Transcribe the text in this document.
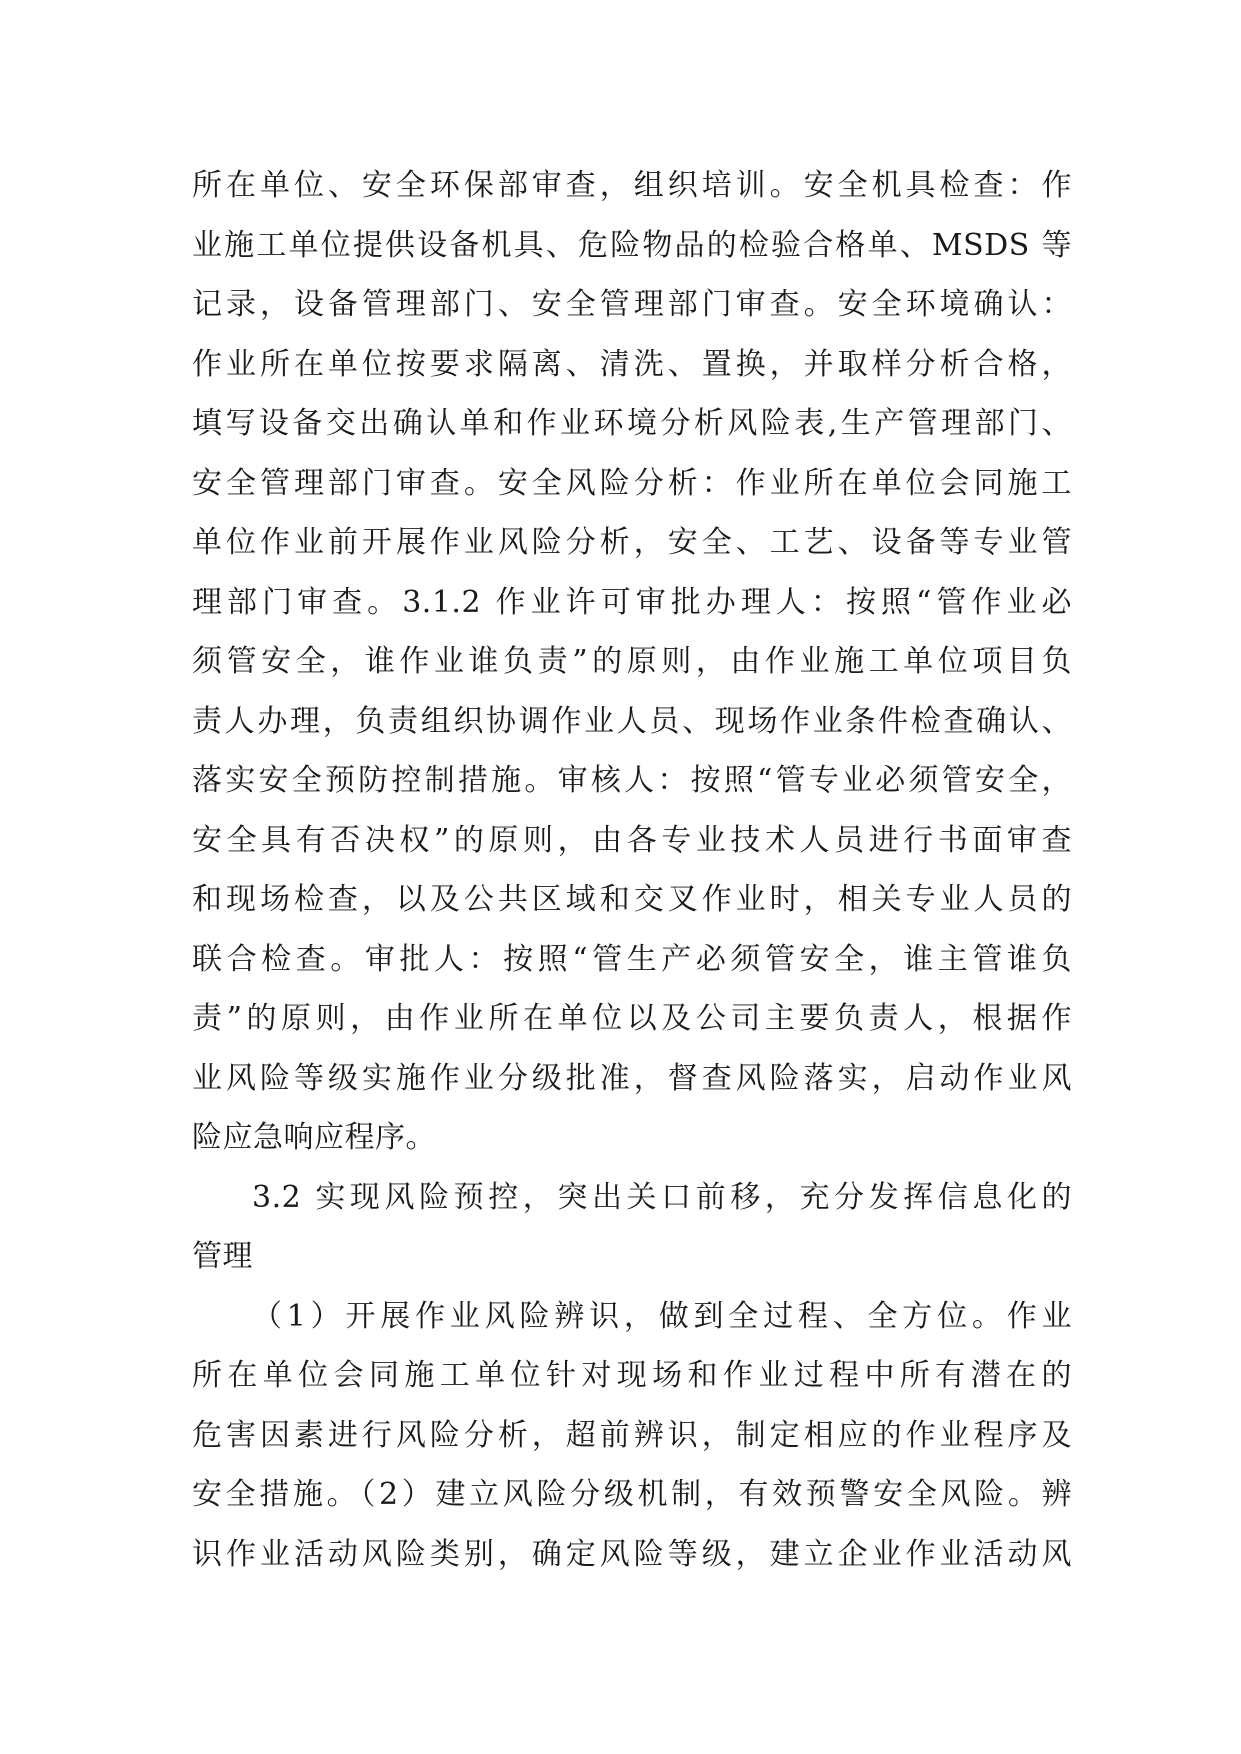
所在单位、安全环保部审查，组织培训。安全机具检查：作
业施工单位提供设备机具、危险物品的检验合格单、MSDS 等
记录，设备管理部门、安全管理部门审查。安全环境确认：
作业所在单位按要求隔离、清洗、置换，并取样分析合格，
填写设备交出确认单和作业环境分析风险表,生产管理部门、
安全管理部门审查。安全风险分析：作业所在单位会同施工
单位作业前开展作业风险分析，安全、工艺、设备等专业管
理部门审查。3.1.2 作业许可审批办理人：按照“管作业必
须管安全，谁作业谁负责”的原则，由作业施工单位项目负
责人办理，负责组织协调作业人员、现场作业条件检查确认、
落实安全预防控制措施。审核人：按照“管专业必须管安全，
安全具有否决权”的原则，由各专业技术人员进行书面审查
和现场检查，以及公共区域和交叉作业时，相关专业人员的
联合检查。审批人：按照“管生产必须管安全，谁主管谁负
责”的原则，由作业所在单位以及公司主要负责人，根据作
业风险等级实施作业分级批准，督查风险落实，启动作业风
险应急响应程序。
3.2 实现风险预控，突出关口前移，充分发挥信息化的
管理
（1）开展作业风险辨识，做到全过程、全方位。作业
所在单位会同施工单位针对现场和作业过程中所有潜在的
危害因素进行风险分析，超前辨识，制定相应的作业程序及
安全措施。（2）建立风险分级机制，有效预警安全风险。辨
识作业活动风险类别，确定风险等级，建立企业作业活动风
